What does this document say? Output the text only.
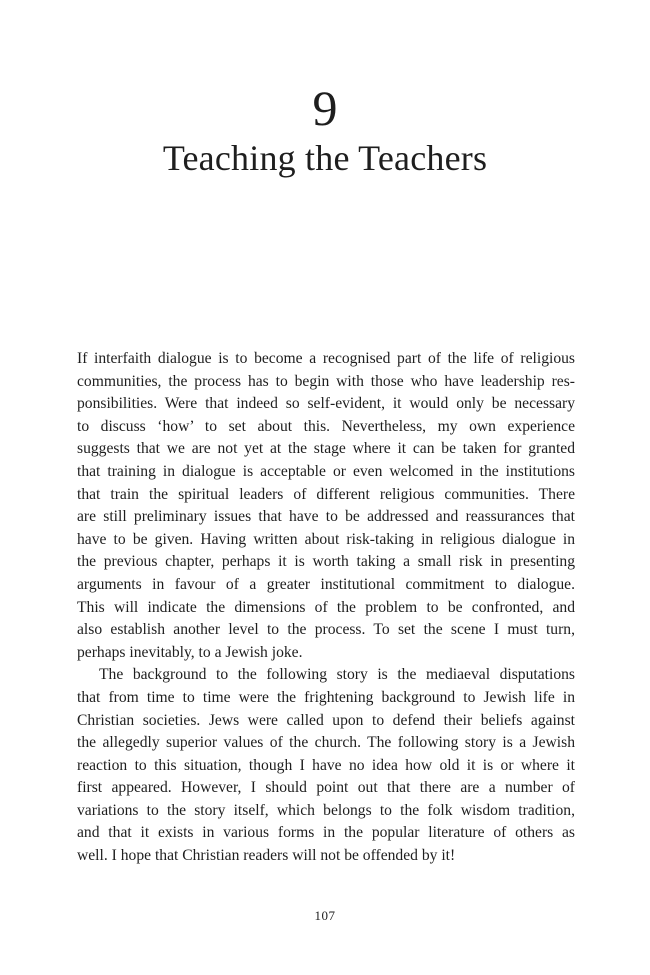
9
Teaching the Teachers
If interfaith dialogue is to become a recognised part of the life of religious
communities, the process has to begin with those who have leadership res-
ponsibilities. Were that indeed so self-evident, it would only be necessary
to discuss ‘how’ to set about this. Nevertheless, my own experience
suggests that we are not yet at the stage where it can be taken for granted
that training in dialogue is acceptable or even welcomed in the institutions
that train the spiritual leaders of different religious communities. There
are still preliminary issues that have to be addressed and reassurances that
have to be given. Having written about risk-taking in religious dialogue in
the previous chapter, perhaps it is worth taking a small risk in presenting
arguments in favour of a greater institutional commitment to dialogue.
This will indicate the dimensions of the problem to be confronted, and
also establish another level to the process. To set the scene I must turn,
perhaps inevitably, to a Jewish joke.
The background to the following story is the mediaeval disputations
that from time to time were the frightening background to Jewish life in
Christian societies. Jews were called upon to defend their beliefs against
the allegedly superior values of the church. The following story is a Jewish
reaction to this situation, though I have no idea how old it is or where it
first appeared. However, I should point out that there are a number of
variations to the story itself, which belongs to the folk wisdom tradition,
and that it exists in various forms in the popular literature of others as
well. I hope that Christian readers will not be offended by it!
107
